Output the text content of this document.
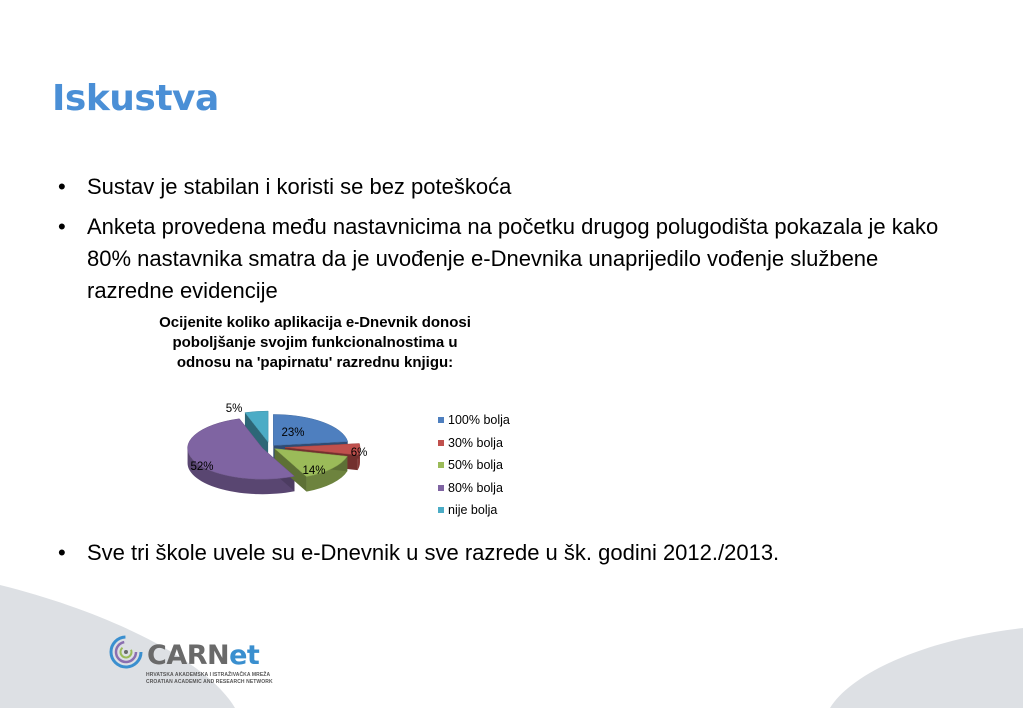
Iskustva
• Sustav je stabilan i koristi se bez poteškoća
• Anketa provedena među nastavnicima na početku drugog polugodišta pokazala je kako 80% nastavnika smatra da je uvođenje e-Dnevnika unaprijedilo vođenje službene razredne evidencije
Ocijenite koliko aplikacija e-Dnevnik donosi poboljšanje svojim funkcionalnostima u odnosu na 'papirnatu' razrednu knjigu:
23%
6%
14%
52%
5%
100% bolja
30% bolja
50% bolja
80% bolja
nije bolja
• Sve tri škole uvele su e-Dnevnik u sve razrede u šk. godini 2012./2013.
CARNet
HRVATSKA AKADEMSKA I ISTRAŽIVAČKA MREŽA
CROATIAN ACADEMIC AND RESEARCH NETWORK
